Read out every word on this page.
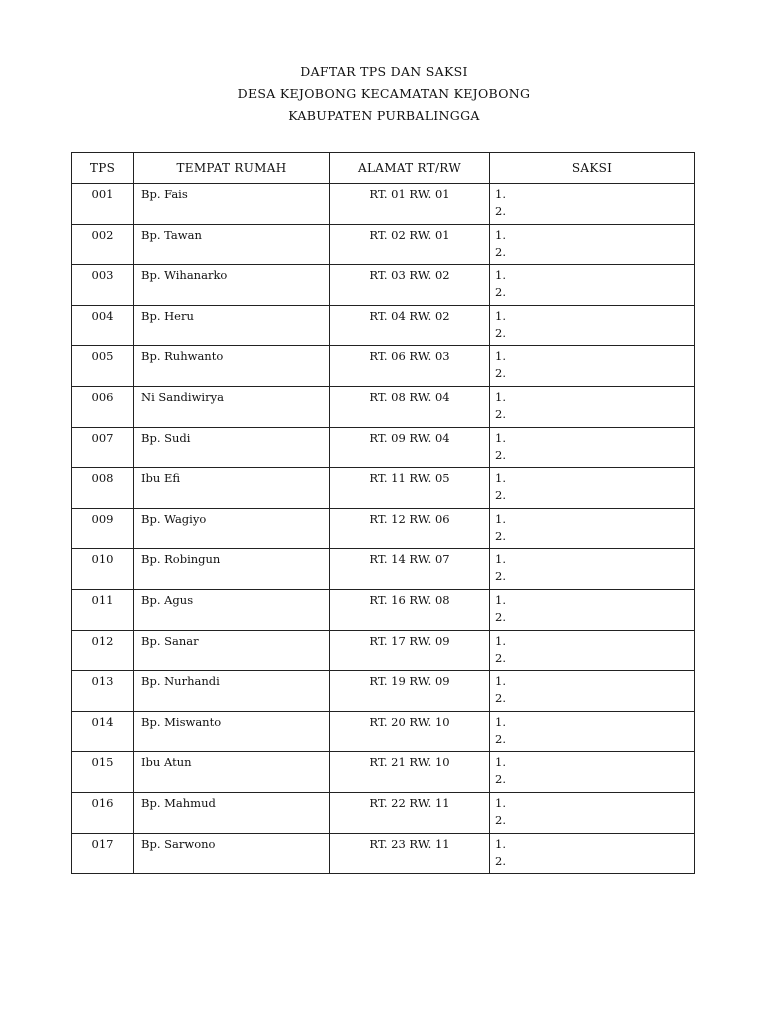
DAFTAR TPS DAN SAKSI
DESA KEJOBONG KECAMATAN KEJOBONG
KABUPATEN PURBALINGGA
TPS	TEMPAT RUMAH	ALAMAT RT/RW	SAKSI
001	Bp. Fais	RT. 01 RW. 01	1.
2.

002	Bp. Tawan	RT. 02 RW. 01	1.
2.

003	Bp. Wihanarko	RT. 03 RW. 02	1.
2.

004	Bp. Heru	RT. 04 RW. 02	1.
2.

005	Bp. Ruhwanto	RT. 06 RW. 03	1.
2.

006	Ni Sandiwirya	RT. 08 RW. 04	1.
2.

007	Bp. Sudi	RT. 09 RW. 04	1.
2.

008	Ibu Efi	RT. 11 RW. 05	1.
2.

009	Bp. Wagiyo	RT. 12 RW. 06	1.
2.

010	Bp. Robingun	RT. 14 RW. 07	1.
2.

011	Bp. Agus	RT. 16 RW. 08	1.
2.

012	Bp. Sanar	RT. 17 RW. 09	1.
2.

013	Bp. Nurhandi	RT. 19 RW. 09	1.
2.

014	Bp. Miswanto	RT. 20 RW. 10	1.
2.

015	Ibu Atun	RT. 21 RW. 10	1.
2.

016	Bp. Mahmud	RT. 22 RW. 11	1.
2.

017	Bp. Sarwono	RT. 23 RW. 11	1.
2.
